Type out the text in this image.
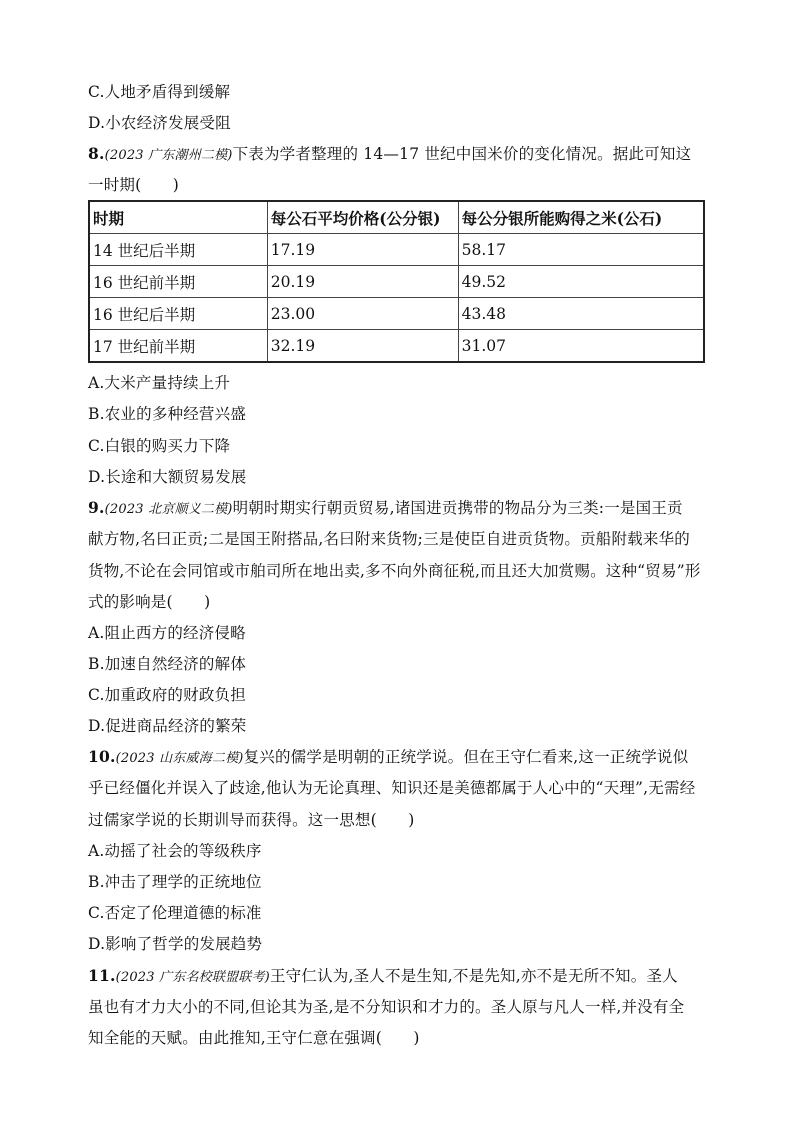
C.人地矛盾得到缓解
D.小农经济发展受阻
8.(2023 广东潮州二模)下表为学者整理的 14—17 世纪中国米价的变化情况。据此可知这
一时期(　　)
时期	每公石平均价格(公分银)	每公分银所能购得之米(公石)
14 世纪后半期	17.19	58.17
16 世纪前半期	20.19	49.52
16 世纪后半期	23.00	43.48
17 世纪前半期	32.19	31.07
A.大米产量持续上升
B.农业的多种经营兴盛
C.白银的购买力下降
D.长途和大额贸易发展
9.(2023 北京顺义二模)明朝时期实行朝贡贸易,诸国进贡携带的物品分为三类:一是国王贡
献方物,名曰正贡;二是国王附搭品,名曰附来货物;三是使臣自进贡货物。贡船附载来华的
货物,不论在会同馆或市舶司所在地出卖,多不向外商征税,而且还大加赏赐。这种“贸易”形
式的影响是(　　)
A.阻止西方的经济侵略
B.加速自然经济的解体
C.加重政府的财政负担
D.促进商品经济的繁荣
10.(2023 山东威海二模)复兴的儒学是明朝的正统学说。但在王守仁看来,这一正统学说似
乎已经僵化并误入了歧途,他认为无论真理、知识还是美德都属于人心中的“天理”,无需经
过儒家学说的长期训导而获得。这一思想(　　)
A.动摇了社会的等级秩序
B.冲击了理学的正统地位
C.否定了伦理道德的标准
D.影响了哲学的发展趋势
11.(2023 广东名校联盟联考)王守仁认为,圣人不是生知,不是先知,亦不是无所不知。圣人
虽也有才力大小的不同,但论其为圣,是不分知识和才力的。圣人原与凡人一样,并没有全
知全能的天赋。由此推知,王守仁意在强调(　　)
